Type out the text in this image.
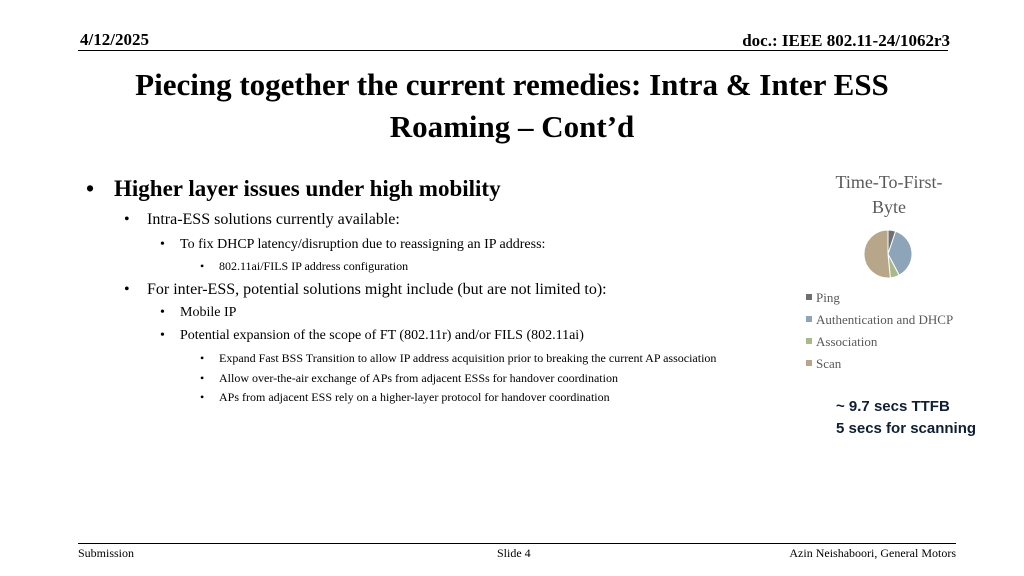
4/12/2025	doc.: IEEE 802.11-24/1062r3
Piecing together the current remedies: Intra & Inter ESS
Roaming – Cont’d
• Higher layer issues under high mobility
• Intra-ESS solutions currently available:
• To fix DHCP latency/disruption due to reassigning an IP address:
• 802.11ai/FILS IP address configuration
• For inter-ESS, potential solutions might include (but are not limited to):
• Mobile IP
• Potential expansion of the scope of FT (802.11r) and/or FILS (802.11ai)
• Expand Fast BSS Transition to allow IP address acquisition prior to breaking the current AP association
• Allow over-the-air exchange of APs from adjacent ESSs for handover coordination
• APs from adjacent ESS rely on a higher-layer protocol for handover coordination
Time-To-First-
Byte
Ping
Authentication and DHCP
Association
Scan
~ 9.7 secs TTFB
5 secs for scanning
Submission	Slide 4	Azin Neishaboori, General Motors
